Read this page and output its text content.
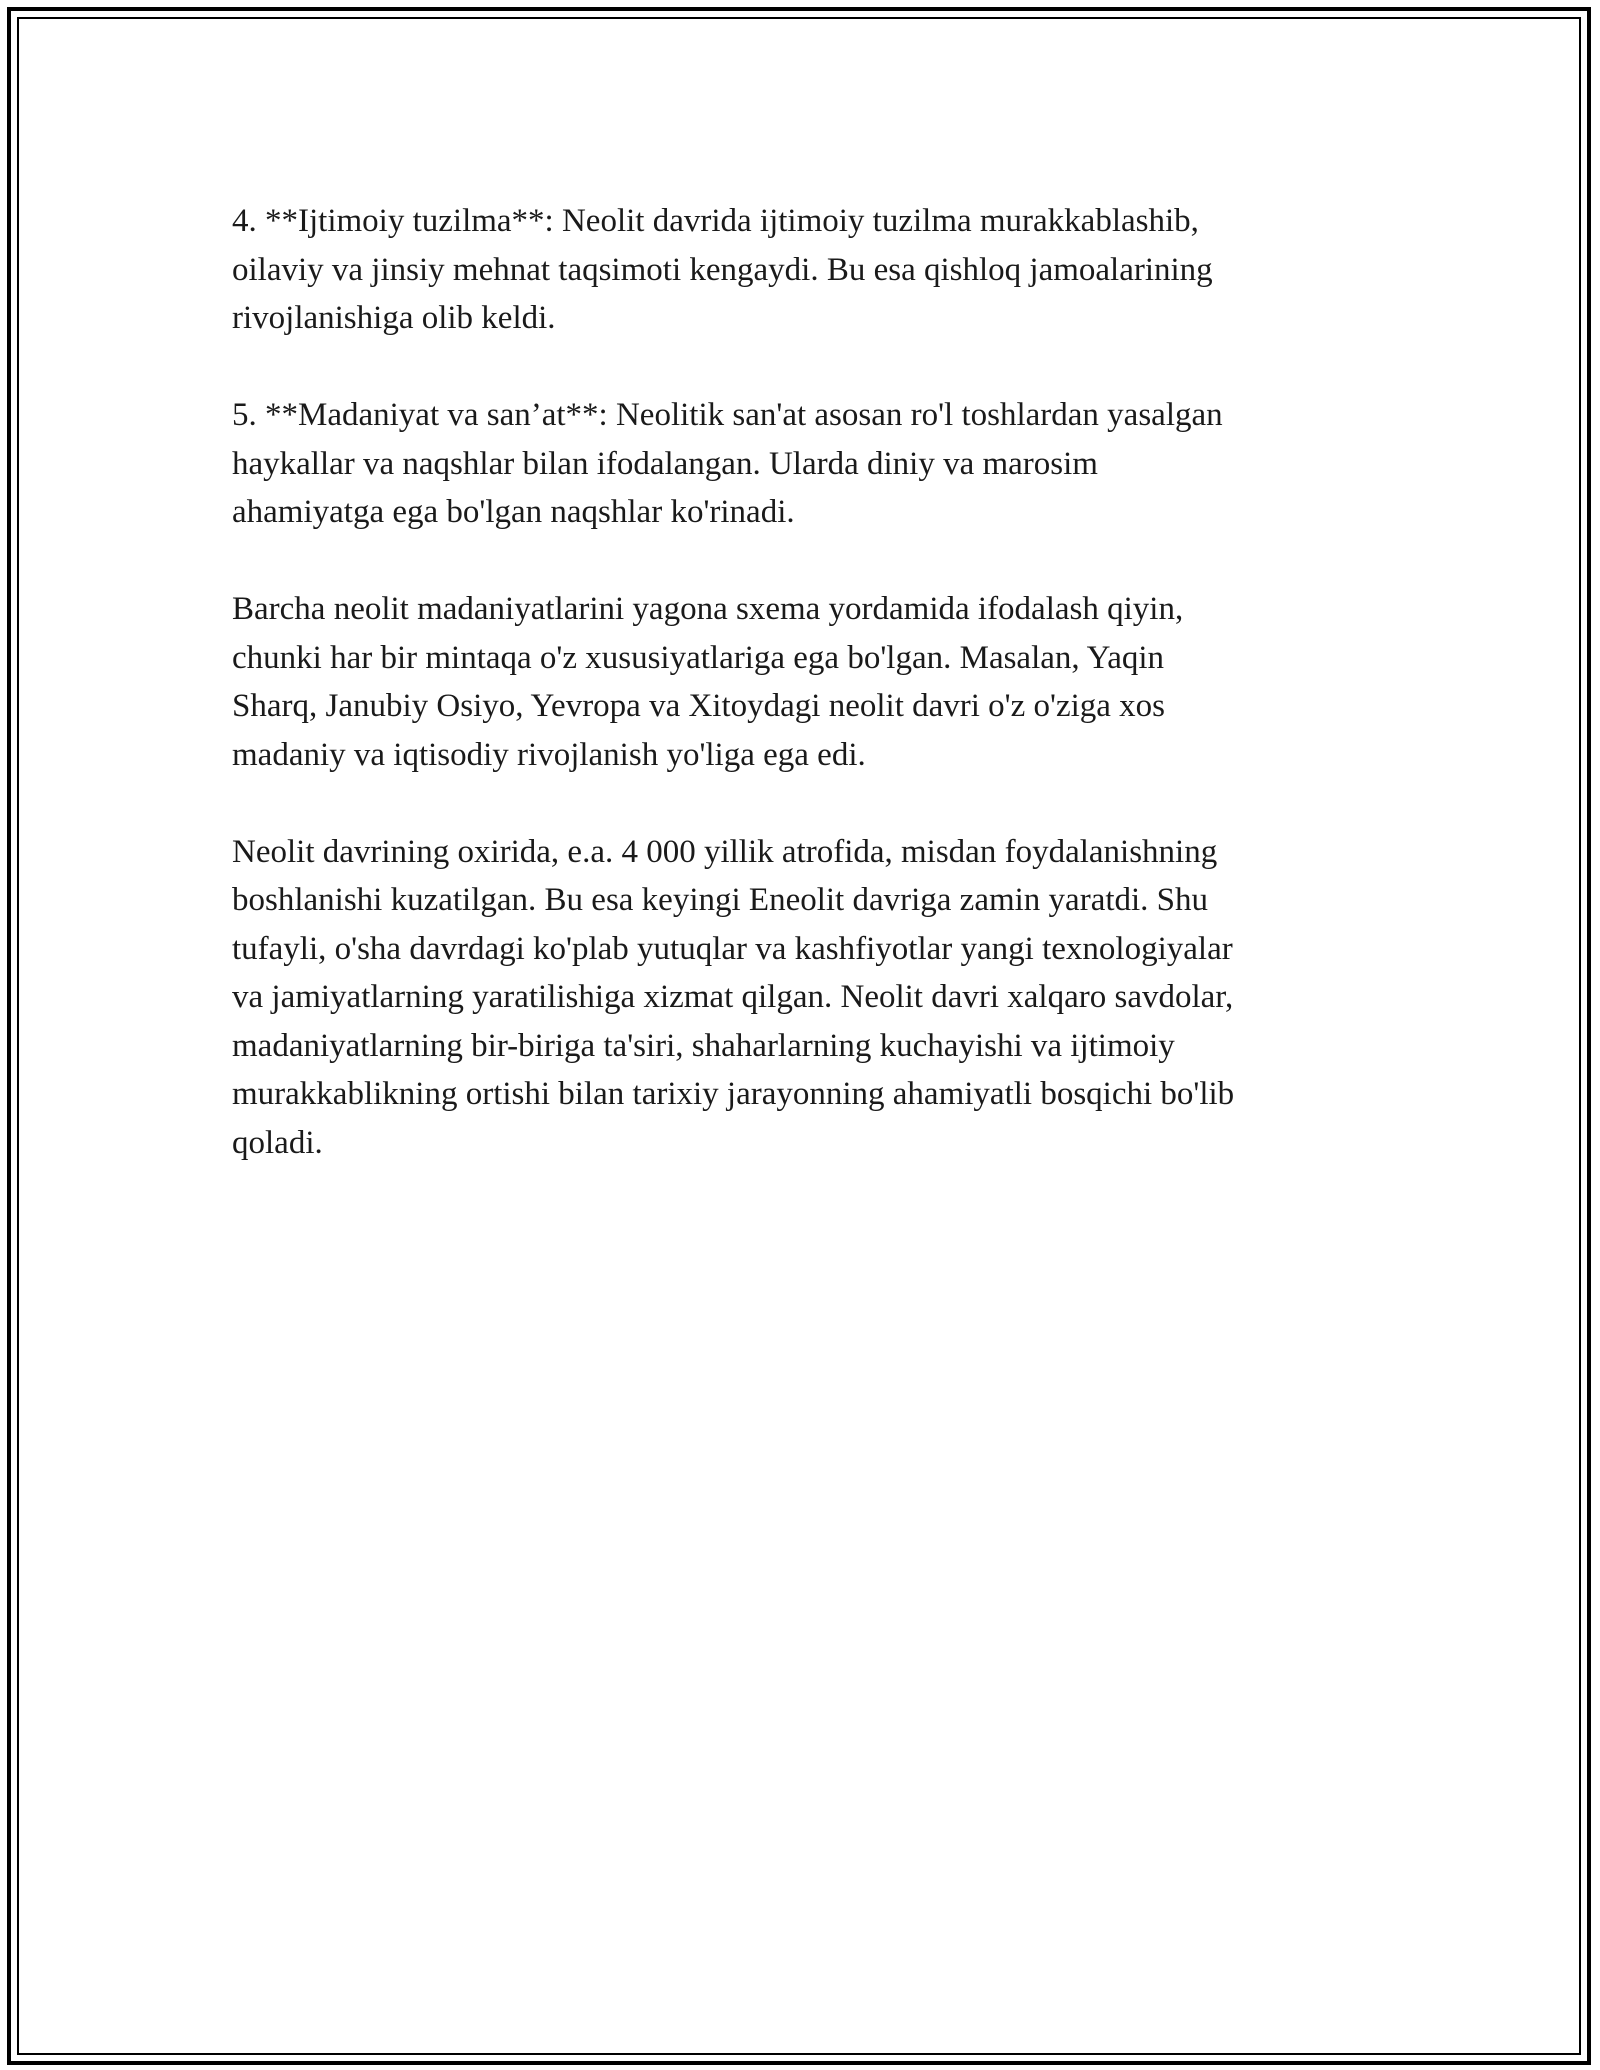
4. **Ijtimoiy tuzilma**: Neolit davrida ijtimoiy tuzilma murakkablashib,
oilaviy va jinsiy mehnat taqsimoti kengaydi. Bu esa qishloq jamoalarining
rivojlanishiga olib keldi.

5. **Madaniyat va san’at**: Neolitik san'at asosan ro'l toshlardan yasalgan
haykallar va naqshlar bilan ifodalangan. Ularda diniy va marosim
ahamiyatga ega bo'lgan naqshlar ko'rinadi.

Barcha neolit madaniyatlarini yagona sxema yordamida ifodalash qiyin,
chunki har bir mintaqa o'z xususiyatlariga ega bo'lgan. Masalan, Yaqin
Sharq, Janubiy Osiyo, Yevropa va Xitoydagi neolit davri o'z o'ziga xos
madaniy va iqtisodiy rivojlanish yo'liga ega edi.

Neolit davrining oxirida, e.a. 4 000 yillik atrofida, misdan foydalanishning
boshlanishi kuzatilgan. Bu esa keyingi Eneolit davriga zamin yaratdi. Shu
tufayli, o'sha davrdagi ko'plab yutuqlar va kashfiyotlar yangi texnologiyalar
va jamiyatlarning yaratilishiga xizmat qilgan. Neolit davri xalqaro savdolar,
madaniyatlarning bir-biriga ta'siri, shaharlarning kuchayishi va ijtimoiy
murakkablikning ortishi bilan tarixiy jarayonning ahamiyatli bosqichi bo'lib
qoladi.
